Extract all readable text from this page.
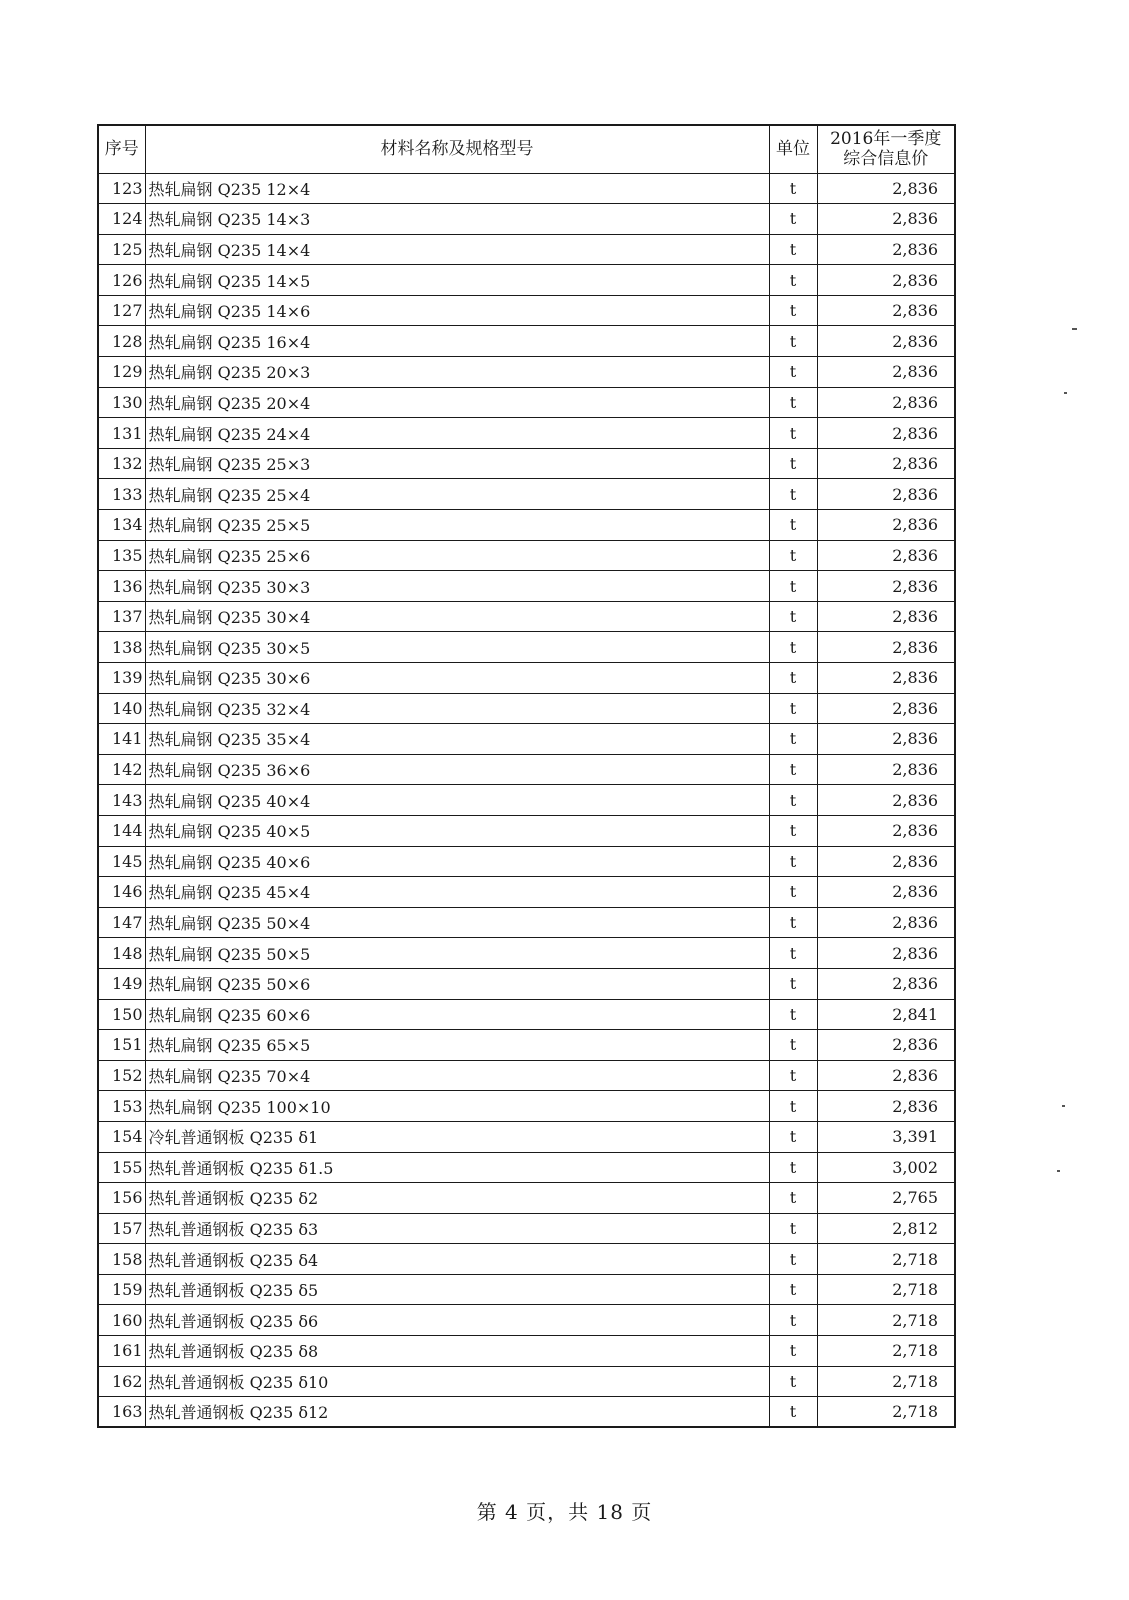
序号	材料名称及规格型号	单位	2016年一季度
综合信息价

123	热轧扁钢 Q235 12×4	t	2,836
124	热轧扁钢 Q235 14×3	t	2,836
125	热轧扁钢 Q235 14×4	t	2,836
126	热轧扁钢 Q235 14×5	t	2,836
127	热轧扁钢 Q235 14×6	t	2,836
128	热轧扁钢 Q235 16×4	t	2,836
129	热轧扁钢 Q235 20×3	t	2,836
130	热轧扁钢 Q235 20×4	t	2,836
131	热轧扁钢 Q235 24×4	t	2,836
132	热轧扁钢 Q235 25×3	t	2,836
133	热轧扁钢 Q235 25×4	t	2,836
134	热轧扁钢 Q235 25×5	t	2,836
135	热轧扁钢 Q235 25×6	t	2,836
136	热轧扁钢 Q235 30×3	t	2,836
137	热轧扁钢 Q235 30×4	t	2,836
138	热轧扁钢 Q235 30×5	t	2,836
139	热轧扁钢 Q235 30×6	t	2,836
140	热轧扁钢 Q235 32×4	t	2,836
141	热轧扁钢 Q235 35×4	t	2,836
142	热轧扁钢 Q235 36×6	t	2,836
143	热轧扁钢 Q235 40×4	t	2,836
144	热轧扁钢 Q235 40×5	t	2,836
145	热轧扁钢 Q235 40×6	t	2,836
146	热轧扁钢 Q235 45×4	t	2,836
147	热轧扁钢 Q235 50×4	t	2,836
148	热轧扁钢 Q235 50×5	t	2,836
149	热轧扁钢 Q235 50×6	t	2,836
150	热轧扁钢 Q235 60×6	t	2,841
151	热轧扁钢 Q235 65×5	t	2,836
152	热轧扁钢 Q235 70×4	t	2,836
153	热轧扁钢 Q235 100×10	t	2,836
154	冷轧普通钢板 Q235 δ1	t	3,391
155	热轧普通钢板 Q235 δ1.5	t	3,002
156	热轧普通钢板 Q235 δ2	t	2,765
157	热轧普通钢板 Q235 δ3	t	2,812
158	热轧普通钢板 Q235 δ4	t	2,718
159	热轧普通钢板 Q235 δ5	t	2,718
160	热轧普通钢板 Q235 δ6	t	2,718
161	热轧普通钢板 Q235 δ8	t	2,718
162	热轧普通钢板 Q235 δ10	t	2,718
163	热轧普通钢板 Q235 δ12	t	2,718
第 4 页，共 18 页
